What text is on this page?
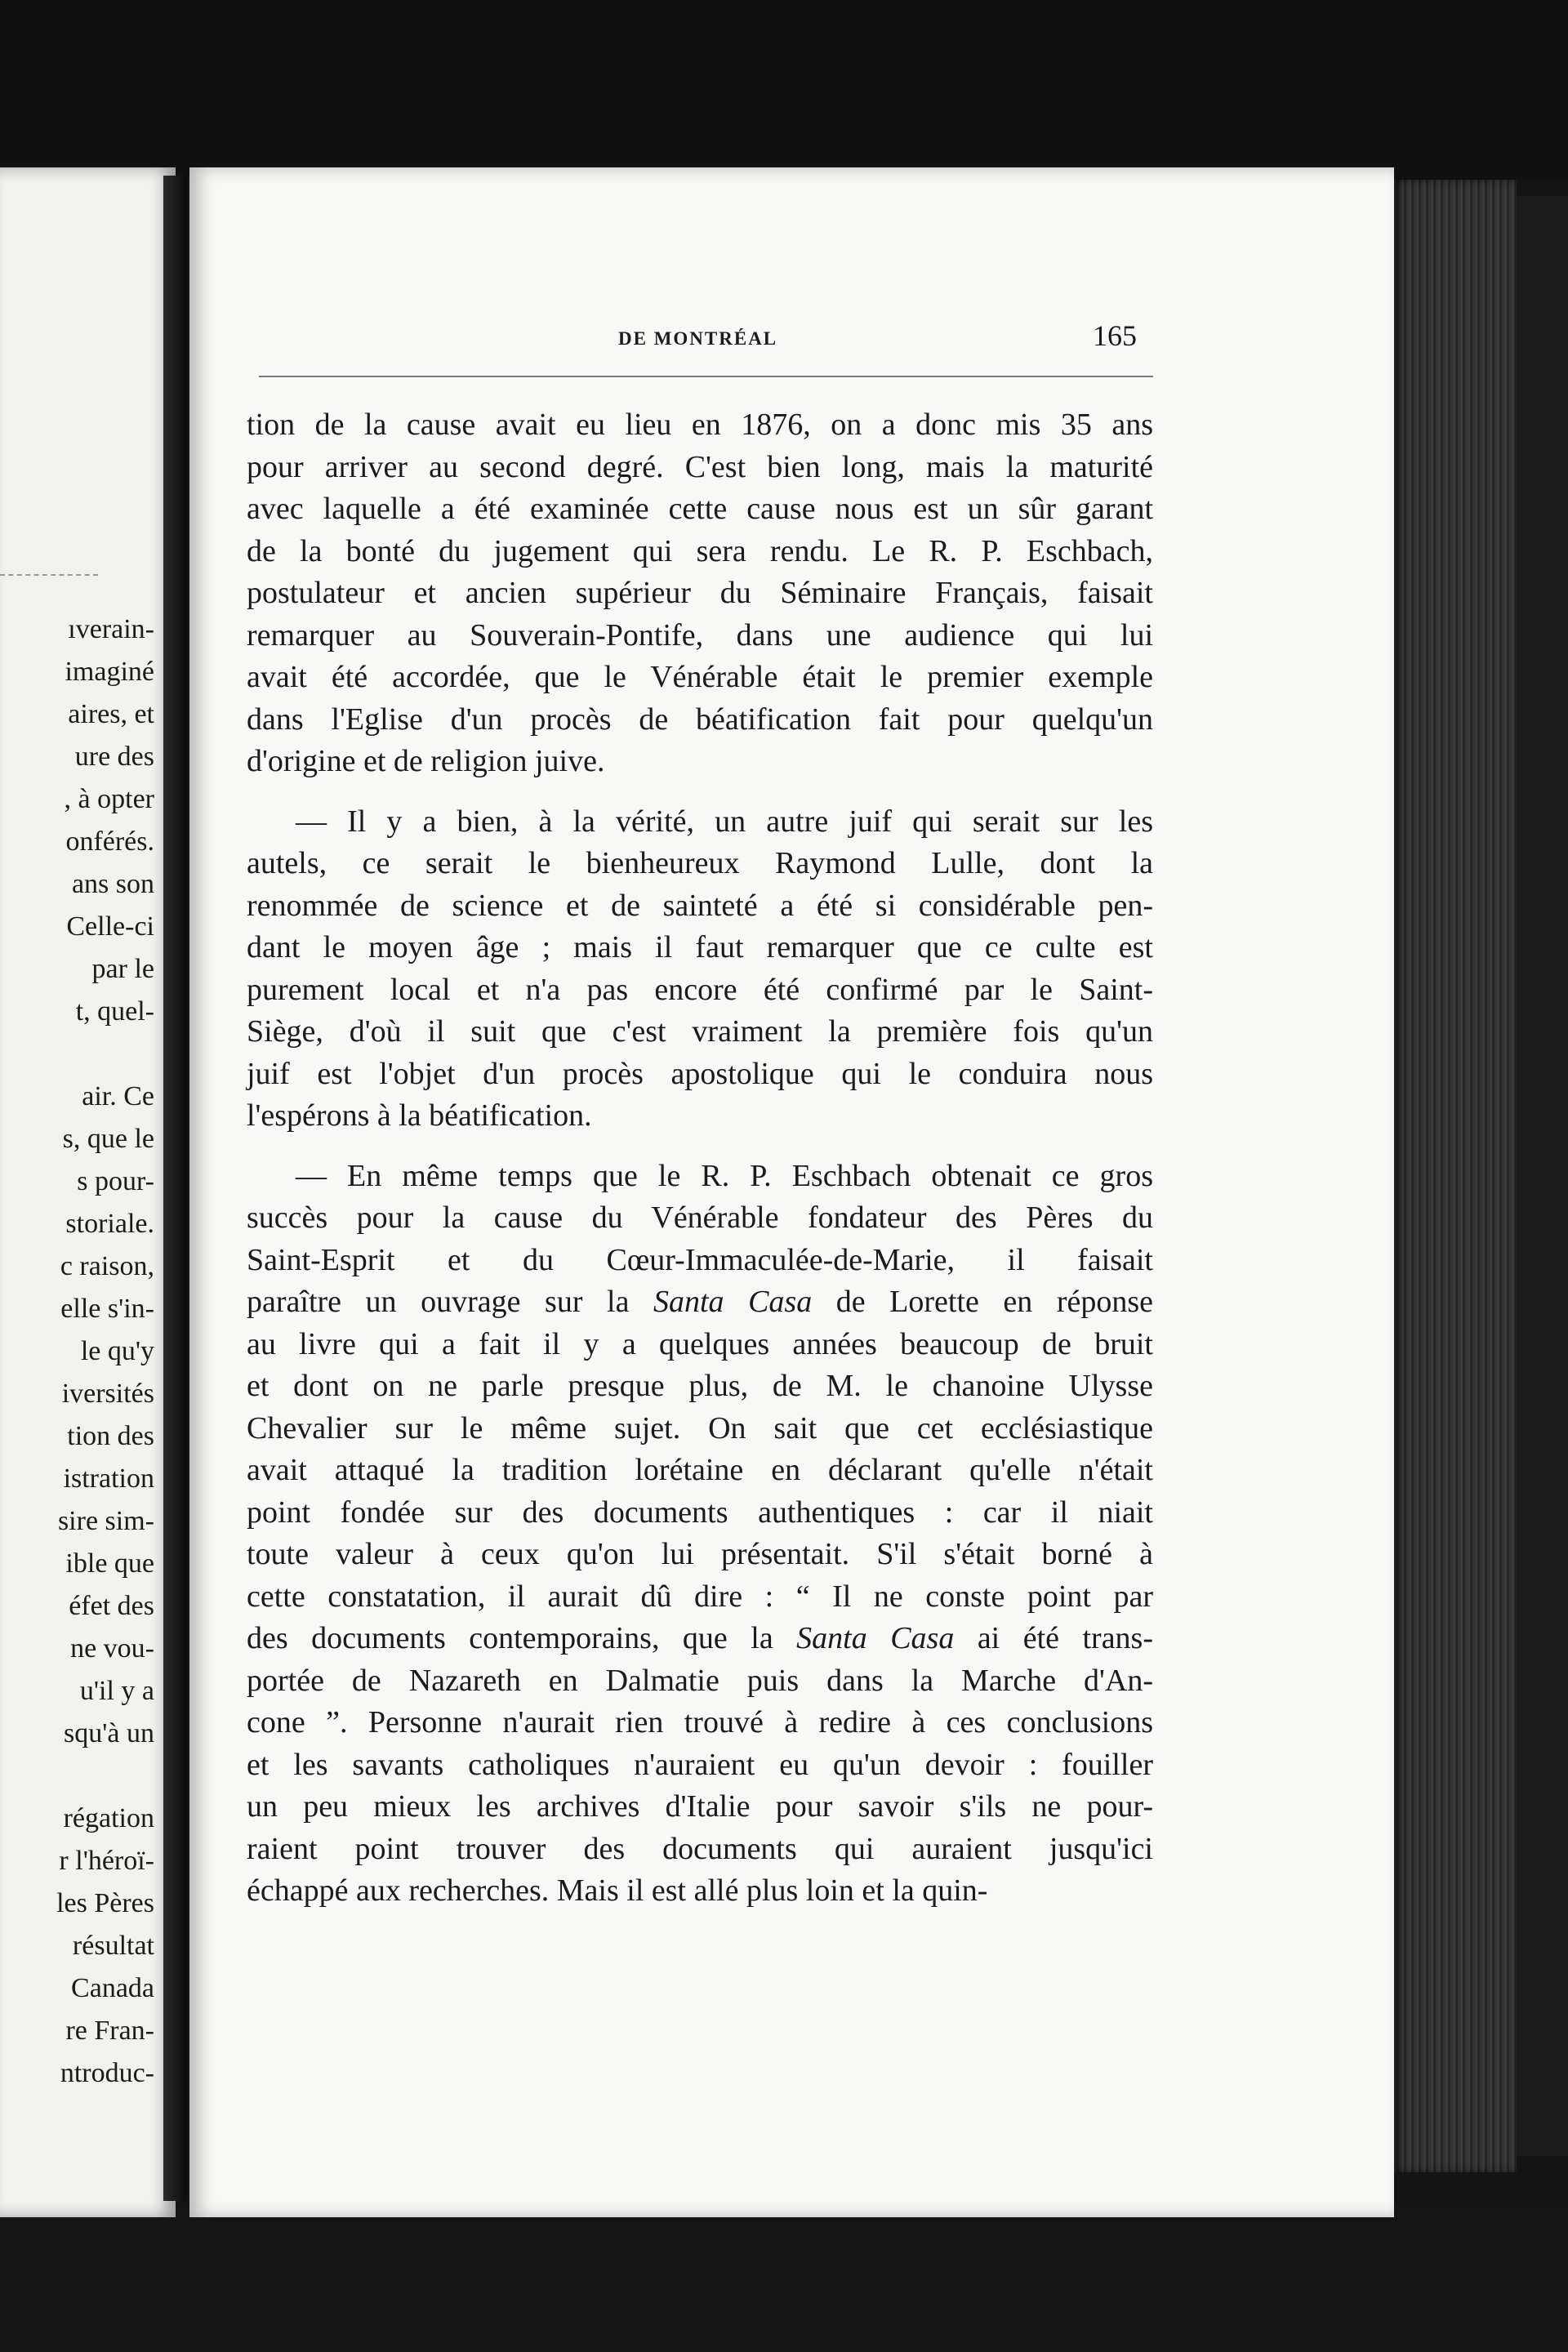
ıverain-
imaginé
aires, et
ure des
, à opter
onférés.
ans son
Celle-ci
par le
t, quel-
air. Ce
s, que le
s pour-
storiale.
c raison,
elle s'in-
le qu'y
iversités
tion des
istration
sire sim-
ible que
éfet des
ne vou-
u'il y a
squ'à un
régation
r l'héroï-
les Pères
résultat
Canada
re Fran-
ntroduc-
DE MONTRÉAL	165
tion de la cause avait eu lieu en 1876, on a donc mis 35 ans
pour arriver au second degré. C'est bien long, mais la maturité
avec laquelle a été examinée cette cause nous est un sûr garant
de la bonté du jugement qui sera rendu. Le R. P. Eschbach,
postulateur et ancien supérieur du Séminaire Français, faisait
remarquer au Souverain-Pontife, dans une audience qui lui
avait été accordée, que le Vénérable était le premier exemple
dans l'Eglise d'un procès de béatification fait pour quelqu'un
d'origine et de religion juive.
— Il y a bien, à la vérité, un autre juif qui serait sur les
autels, ce serait le bienheureux Raymond Lulle, dont la
renommée de science et de sainteté a été si considérable pen-
dant le moyen âge ; mais il faut remarquer que ce culte est
purement local et n'a pas encore été confirmé par le Saint-
Siège, d'où il suit que c'est vraiment la première fois qu'un
juif est l'objet d'un procès apostolique qui le conduira nous
l'espérons à la béatification.
— En même temps que le R. P. Eschbach obtenait ce gros
succès pour la cause du Vénérable fondateur des Pères du
Saint-Esprit et du Cœur-Immaculée-de-Marie, il faisait
paraître un ouvrage sur la Santa Casa de Lorette en réponse
au livre qui a fait il y a quelques années beaucoup de bruit
et dont on ne parle presque plus, de M. le chanoine Ulysse
Chevalier sur le même sujet. On sait que cet ecclésiastique
avait attaqué la tradition lorétaine en déclarant qu'elle n'était
point fondée sur des documents authentiques : car il niait
toute valeur à ceux qu'on lui présentait. S'il s'était borné à
cette constatation, il aurait dû dire : “ Il ne conste point par
des documents contemporains, que la Santa Casa ai été trans-
portée de Nazareth en Dalmatie puis dans la Marche d'An-
cone ”. Personne n'aurait rien trouvé à redire à ces conclusions
et les savants catholiques n'auraient eu qu'un devoir : fouiller
un peu mieux les archives d'Italie pour savoir s'ils ne pour-
raient point trouver des documents qui auraient jusqu'ici
échappé aux recherches. Mais il est allé plus loin et la quin-
